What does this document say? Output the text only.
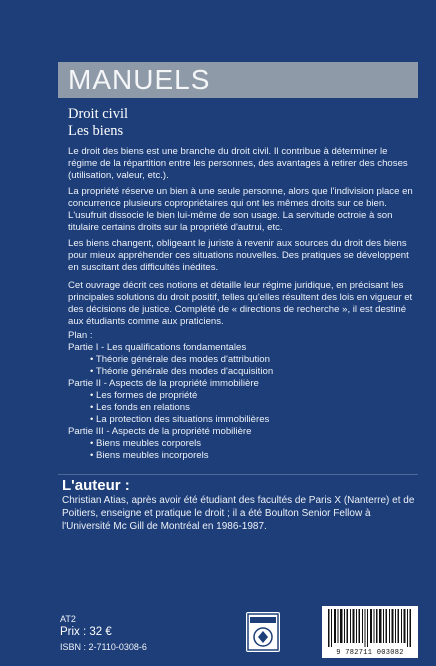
MANUELS
Droit civil
Les biens
Le droit des biens est une branche du droit civil. Il contribue à déterminer le régime de la répartition entre les personnes, des avantages à retirer des choses (utilisation, valeur, etc.).
La propriété réserve un bien à une seule personne, alors que l'indivision place en concurrence plusieurs copropriétaires qui ont les mêmes droits sur ce bien. L'usufruit dissocie le bien lui-même de son usage. La servitude octroie à son titulaire certains droits sur la propriété d'autrui, etc.
Les biens changent, obligeant le juriste à revenir aux sources du droit des biens pour mieux appréhender ces situations nouvelles. Des pratiques se développent en suscitant des difficultés inédites.
Cet ouvrage décrit ces notions et détaille leur régime juridique, en précisant les principales solutions du droit positif, telles qu'elles résultent des lois en vigueur et des décisions de justice. Complété de « directions de recherche », il est destiné aux étudiants comme aux praticiens.
Plan :
Partie I - Les qualifications fondamentales
• Théorie générale des modes d'attribution
• Théorie générale des modes d'acquisition
Partie II - Aspects de la propriété immobilière
• Les formes de propriété
• Les fonds en relations
• La protection des situations immobilières
Partie III - Aspects de la propriété mobilière
• Biens meubles corporels
• Biens meubles incorporels
L'auteur :
Christian Atias, après avoir été étudiant des facultés de Paris X (Nanterre) et de Poitiers, enseigne et pratique le droit ; il a été Boulton Senior Fellow à l'Université Mc Gill de Montréal en 1986-1987.
AT2
Prix : 32 €
ISBN : 2-7110-0308-6
9 782711 003082
